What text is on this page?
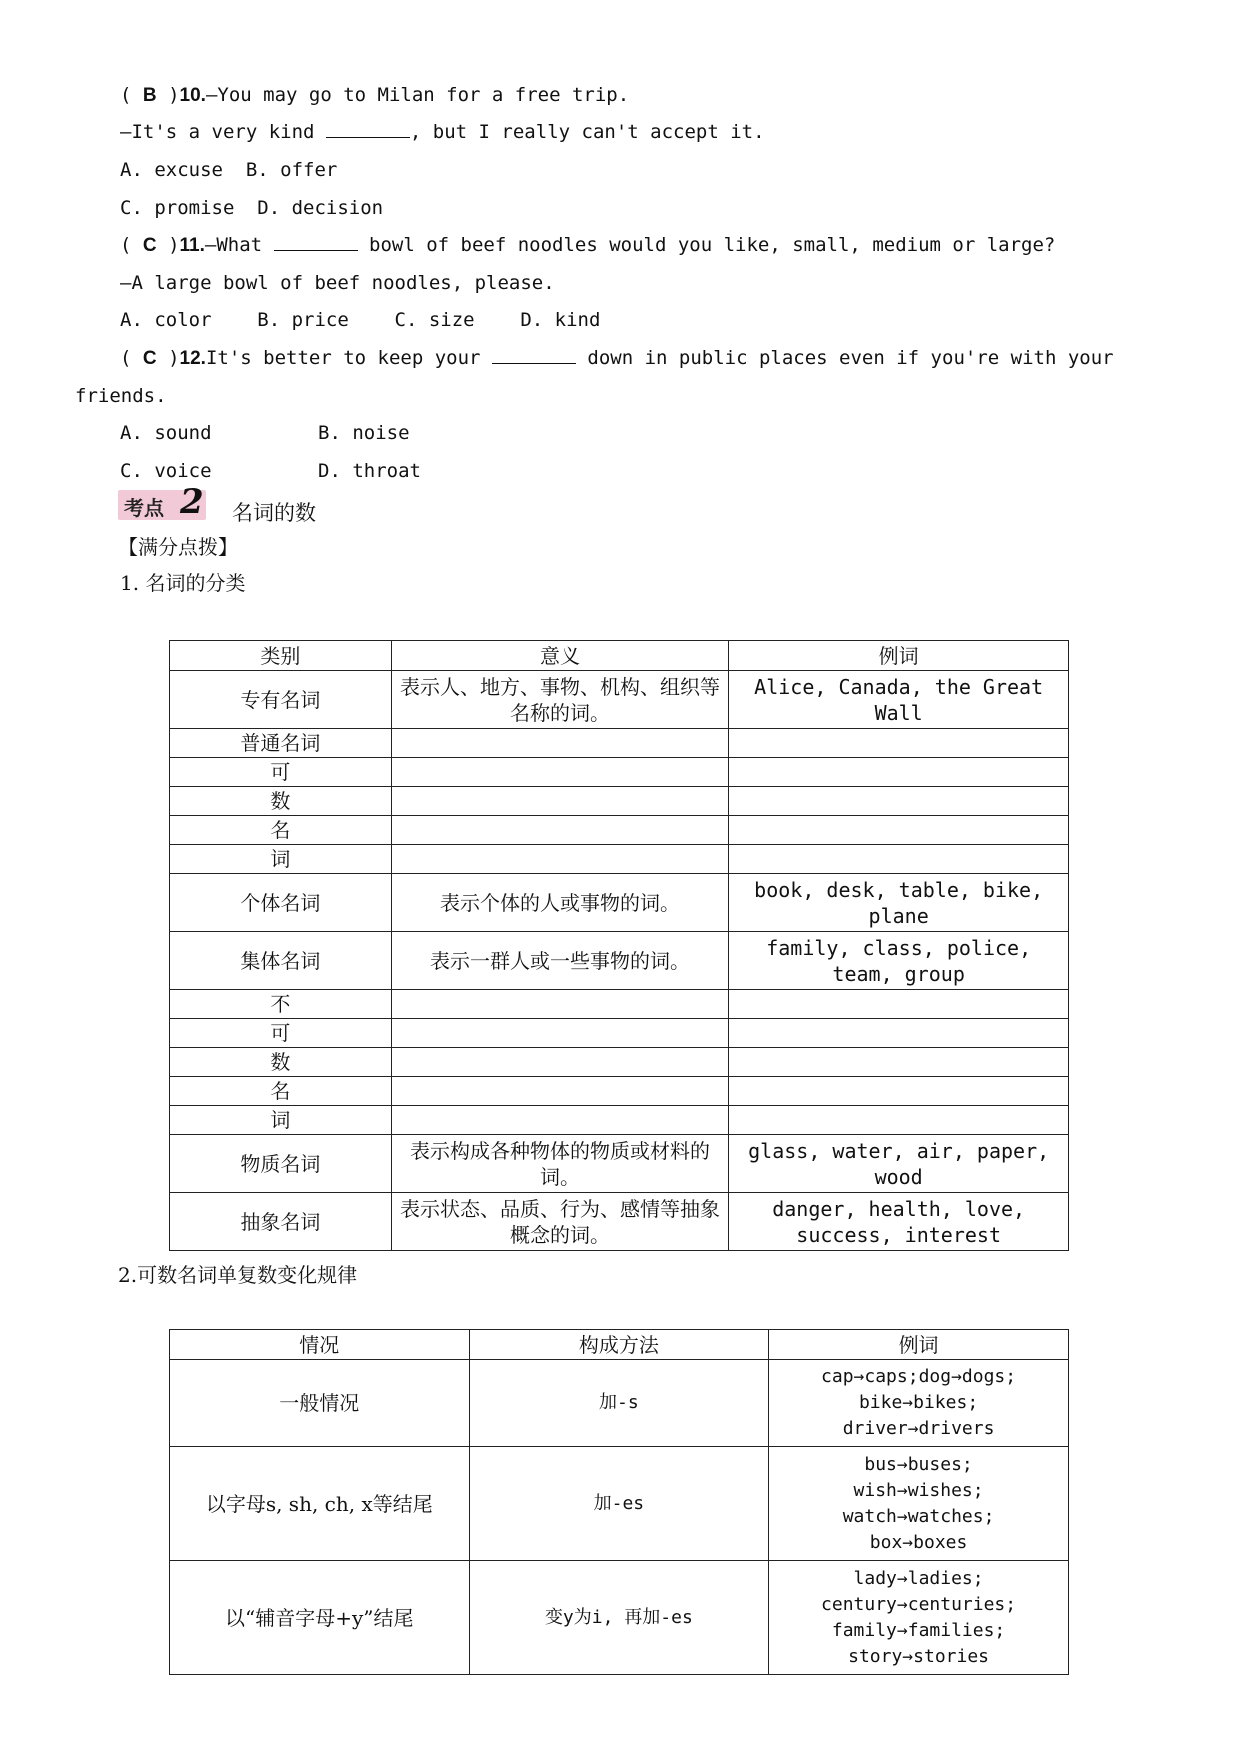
( B )10.—You may go to Milan for a free trip.
—It's a very kind	, but I really can't accept it.
A. excuse B. offer
C. promise D. decision
( C )11.—What	bowl of beef noodles would you like, small, medium or large?
—A large bowl of beef noodles, please.
A. color    B. price    C. size    D. kind
( C )12.It's better to keep your	down in public places even if you're with your
friends.
A. sound	B. noise
C. voice	D. throat
考点 2 名词的数
【满分点拨】
1. 名词的分类
类别	意义	例词
专有名词	表示人、地方、事物、机构、组织等名称的词。	Alice, Canada, the Great Wall
普通名词		
可		
数		
名		
词		
个体名词	表示个体的人或事物的词。	book, desk, table, bike, plane
集体名词	表示一群人或一些事物的词。	family, class, police, team, group
不		
可		
数		
名		
词		
物质名词	表示构成各种物体的物质或材料的词。	glass, water, air, paper, wood
抽象名词	表示状态、品质、行为、感情等抽象概念的词。	danger, health, love, success, interest
2.可数名词单复数变化规律
情况	构成方法	例词
一般情况	加-s	cap→caps;dog→dogs;
bike→bikes;
driver→drivers

以字母s, sh, ch, x等结尾	加-es	bus→buses;
wish→wishes;
watch→watches;
box→boxes

以“辅音字母+y”结尾	变y为i, 再加-es	lady→ladies;
century→centuries;
family→families;
story→stories
